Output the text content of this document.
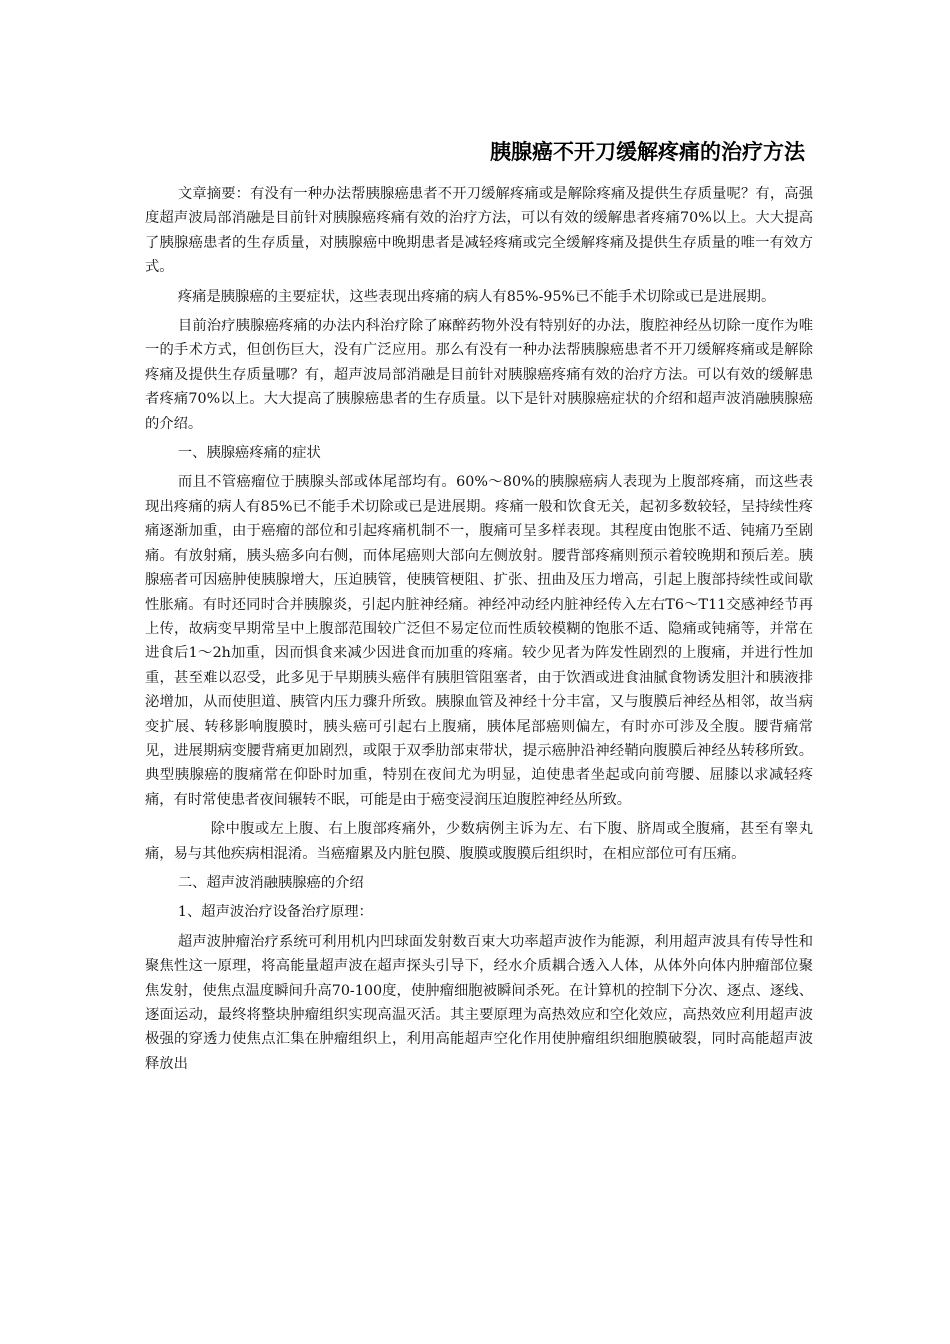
胰腺癌不开刀缓解疼痛的治疗方法

文章摘要：有没有一种办法帮胰腺癌患者不开刀缓解疼痛或是解除疼痛及提供生存质量呢？有，高强度超声波局部消融是目前针对胰腺癌疼痛有效的治疗方法，可以有效的缓解患者疼痛70%以上。大大提高了胰腺癌患者的生存质量，对胰腺癌中晚期患者是减轻疼痛或完全缓解疼痛及提供生存质量的唯一有效方式。

疼痛是胰腺癌的主要症状，这些表现出疼痛的病人有85%-95%已不能手术切除或已是进展期。

目前治疗胰腺癌疼痛的办法内科治疗除了麻醉药物外没有特别好的办法，腹腔神经丛切除一度作为唯一的手术方式，但创伤巨大，没有广泛应用。那么有没有一种办法帮胰腺癌患者不开刀缓解疼痛或是解除疼痛及提供生存质量哪？有，超声波局部消融是目前针对胰腺癌疼痛有效的治疗方法。可以有效的缓解患者疼痛70%以上。大大提高了胰腺癌患者的生存质量。以下是针对胰腺癌症状的介绍和超声波消融胰腺癌的介绍。

一、胰腺癌疼痛的症状

而且不管癌瘤位于胰腺头部或体尾部均有。60%～80%的胰腺癌病人表现为上腹部疼痛，而这些表现出疼痛的病人有85%已不能手术切除或已是进展期。疼痛一般和饮食无关，起初多数较轻，呈持续性疼痛逐渐加重，由于癌瘤的部位和引起疼痛机制不一，腹痛可呈多样表现。其程度由饱胀不适、钝痛乃至剧痛。有放射痛，胰头癌多向右侧，而体尾癌则大部向左侧放射。腰背部疼痛则预示着较晚期和预后差。胰腺癌者可因癌肿使胰腺增大，压迫胰管，使胰管梗阻、扩张、扭曲及压力增高，引起上腹部持续性或间歇性胀痛。有时还同时合并胰腺炎，引起内脏神经痛。神经冲动经内脏神经传入左右T6～T11交感神经节再上传，故病变早期常呈中上腹部范围较广泛但不易定位而性质较模糊的饱胀不适、隐痛或钝痛等，并常在进食后1～2h加重，因而惧食来减少因进食而加重的疼痛。较少见者为阵发性剧烈的上腹痛，并进行性加重，甚至难以忍受，此多见于早期胰头癌伴有胰胆管阻塞者，由于饮酒或进食油腻食物诱发胆汁和胰液排泌增加，从而使胆道、胰管内压力骤升所致。胰腺血管及神经十分丰富，又与腹膜后神经丛相邻，故当病变扩展、转移影响腹膜时，胰头癌可引起右上腹痛，胰体尾部癌则偏左，有时亦可涉及全腹。腰背痛常见，进展期病变腰背痛更加剧烈，或限于双季肋部束带状，提示癌肿沿神经鞘向腹膜后神经丛转移所致。典型胰腺癌的腹痛常在仰卧时加重，特别在夜间尤为明显，迫使患者坐起或向前弯腰、屈膝以求减轻疼痛，有时常使患者夜间辗转不眠，可能是由于癌变浸润压迫腹腔神经丛所致。

除中腹或左上腹、右上腹部疼痛外，少数病例主诉为左、右下腹、脐周或全腹痛，甚至有睾丸痛，易与其他疾病相混淆。当癌瘤累及内脏包膜、腹膜或腹膜后组织时，在相应部位可有压痛。

二、超声波消融胰腺癌的介绍

1、超声波治疗设备治疗原理：

超声波肿瘤治疗系统可利用机内凹球面发射数百束大功率超声波作为能源，利用超声波具有传导性和聚焦性这一原理，将高能量超声波在超声探头引导下，经水介质耦合透入人体，从体外向体内肿瘤部位聚焦发射，使焦点温度瞬间升高70-100度，使肿瘤细胞被瞬间杀死。在计算机的控制下分次、逐点、逐线、逐面运动，最终将整块肿瘤组织实现高温灭活。其主要原理为高热效应和空化效应，高热效应利用超声波极强的穿透力使焦点汇集在肿瘤组织上，利用高能超声空化作用使肿瘤组织细胞膜破裂，同时高能超声波释放出
